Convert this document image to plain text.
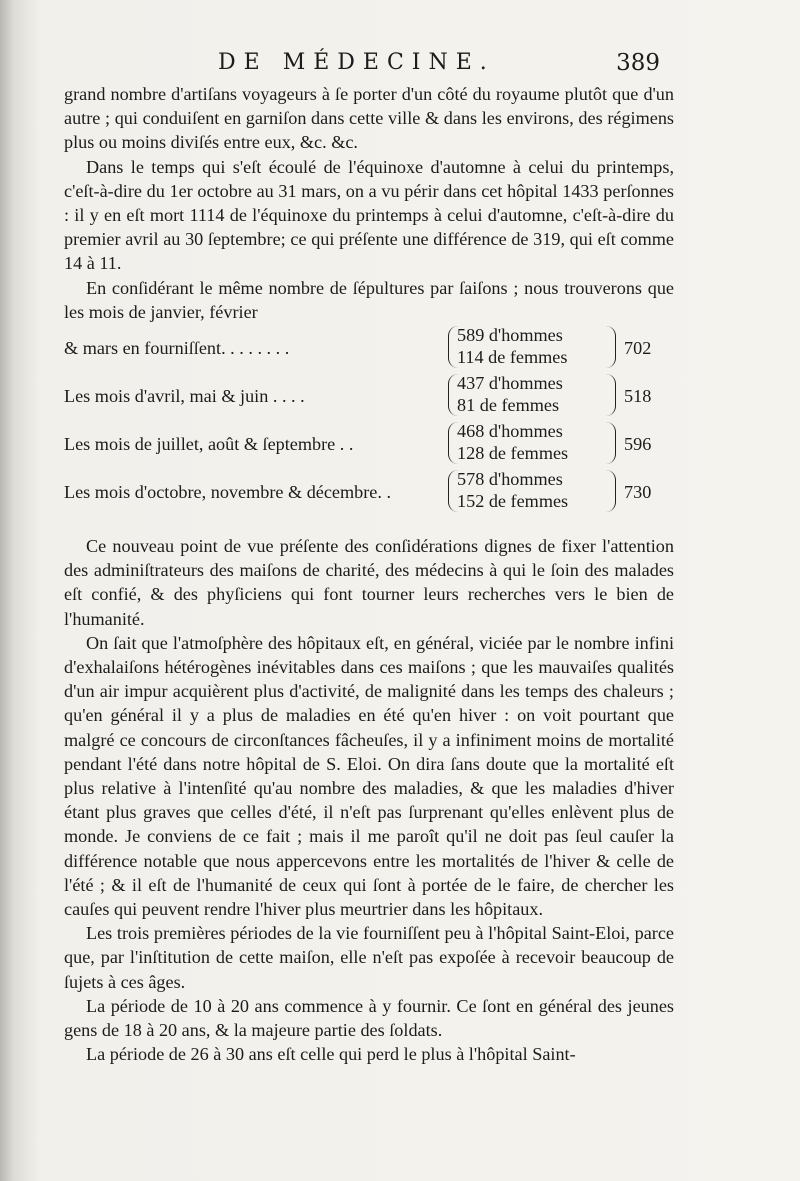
DE MÉDECINE.	389

grand nombre d'artiſans voyageurs à ſe porter d'un côté du royaume plutôt que d'un autre ; qui conduiſent en garniſon dans cette ville & dans les environs, des régimens plus ou moins diviſés entre eux, &c. &c.

Dans le temps qui s'eſt écoulé de l'équinoxe d'automne à celui du printemps, c'eſt-à-dire du 1er octobre au 31 mars, on a vu périr dans cet hôpital 1433 perſonnes : il y en eſt mort 1114 de l'équinoxe du printemps à celui d'automne, c'eſt-à-dire du premier avril au 30 ſeptembre; ce qui préſente une différence de 319, qui eſt comme 14 à 11.

En conſidérant le même nombre de ſépultures par ſaiſons ; nous trouverons que les mois de janvier, février

& mars en fourniſſent. . . . . . . .
589 d'hommes
114 de femmes	702
Les mois d'avril, mai & juin . . . .
437 d'hommes
81 de femmes	518
Les mois de juillet, août & ſeptembre . .
468 d'hommes
128 de femmes	596
Les mois d'octobre, novembre & décembre. .
578 d'hommes
152 de femmes	730

Ce nouveau point de vue préſente des conſidérations dignes de fixer l'attention des adminiſtrateurs des maiſons de charité, des médecins à qui le ſoin des malades eſt confié, & des phyſiciens qui font tourner leurs recherches vers le bien de l'humanité.

On ſait que l'atmoſphère des hôpitaux eſt, en général, viciée par le nombre infini d'exhalaiſons hétérogènes inévitables dans ces maiſons ; que les mauvaiſes qualités d'un air impur acquièrent plus d'activité, de malignité dans les temps des chaleurs ; qu'en général il y a plus de maladies en été qu'en hiver : on voit pourtant que malgré ce concours de circonſtances fâcheuſes, il y a infiniment moins de mortalité pendant l'été dans notre hôpital de S. Eloi. On dira ſans doute que la mortalité eſt plus relative à l'intenſité qu'au nombre des maladies, & que les maladies d'hiver étant plus graves que celles d'été, il n'eſt pas ſurprenant qu'elles enlèvent plus de monde. Je conviens de ce fait ; mais il me paroît qu'il ne doit pas ſeul cauſer la différence notable que nous appercevons entre les mortalités de l'hiver & celle de l'été ; & il eſt de l'humanité de ceux qui ſont à portée de le faire, de chercher les cauſes qui peuvent rendre l'hiver plus meurtrier dans les hôpitaux.

Les trois premières périodes de la vie fourniſſent peu à l'hôpital Saint-Eloi, parce que, par l'inſtitution de cette maiſon, elle n'eſt pas expoſée à recevoir beaucoup de ſujets à ces âges.

La période de 10 à 20 ans commence à y fournir. Ce ſont en général des jeunes gens de 18 à 20 ans, & la majeure partie des ſoldats.

La période de 26 à 30 ans eſt celle qui perd le plus à l'hôpital Saint-
